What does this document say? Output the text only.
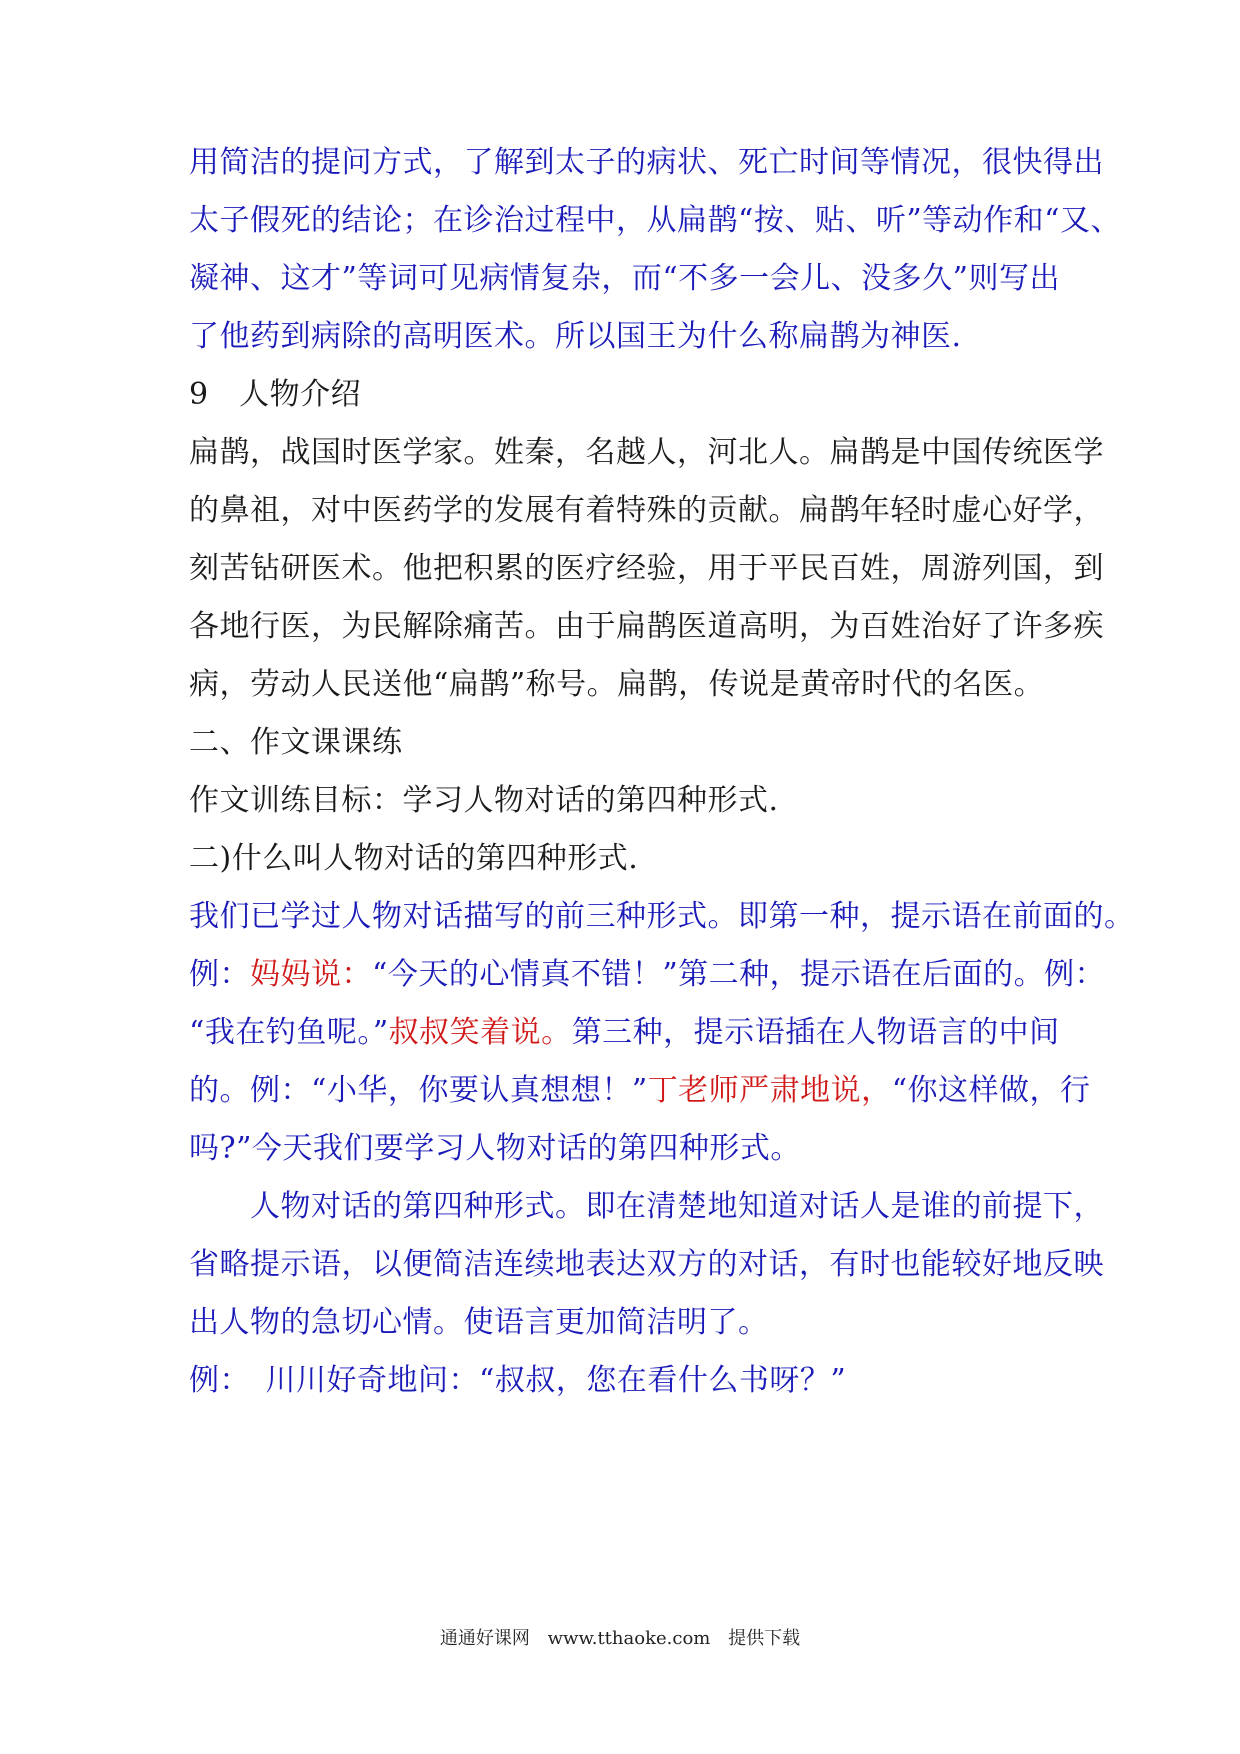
用简洁的提问方式，了解到太子的病状、死亡时间等情况，很快得出
太子假死的结论；在诊治过程中，从扁鹊“按、贴、听”等动作和“又、
凝神、这才”等词可见病情复杂，而“不多一会儿、没多久”则写出
了他药到病除的高明医术。所以国王为什么称扁鹊为神医.
9　人物介绍
扁鹊，战国时医学家。姓秦，名越人，河北人。扁鹊是中国传统医学
的鼻祖，对中医药学的发展有着特殊的贡献。扁鹊年轻时虚心好学，
刻苦钻研医术。他把积累的医疗经验，用于平民百姓，周游列国，到
各地行医，为民解除痛苦。由于扁鹊医道高明，为百姓治好了许多疾
病，劳动人民送他“扁鹊”称号。扁鹊，传说是黄帝时代的名医。
二、作文课课练
作文训练目标：学习人物对话的第四种形式.
二)什么叫人物对话的第四种形式.
我们已学过人物对话描写的前三种形式。即第一种，提示语在前面的。
例：妈妈说：“今天的心情真不错！”第二种，提示语在后面的。例：
“我在钓鱼呢。”叔叔笑着说。第三种，提示语插在人物语言的中间
的。例：“小华，你要认真想想！”丁老师严肃地说，“你这样做，行
吗?”今天我们要学习人物对话的第四种形式。
　　人物对话的第四种形式。即在清楚地知道对话人是谁的前提下，
省略提示语，以便简洁连续地表达双方的对话，有时也能较好地反映
出人物的急切心情。使语言更加简洁明了。
例：　川川好奇地问：“叔叔，您在看什么书呀？”
通通好课网 www.tthaoke.com 提供下载
